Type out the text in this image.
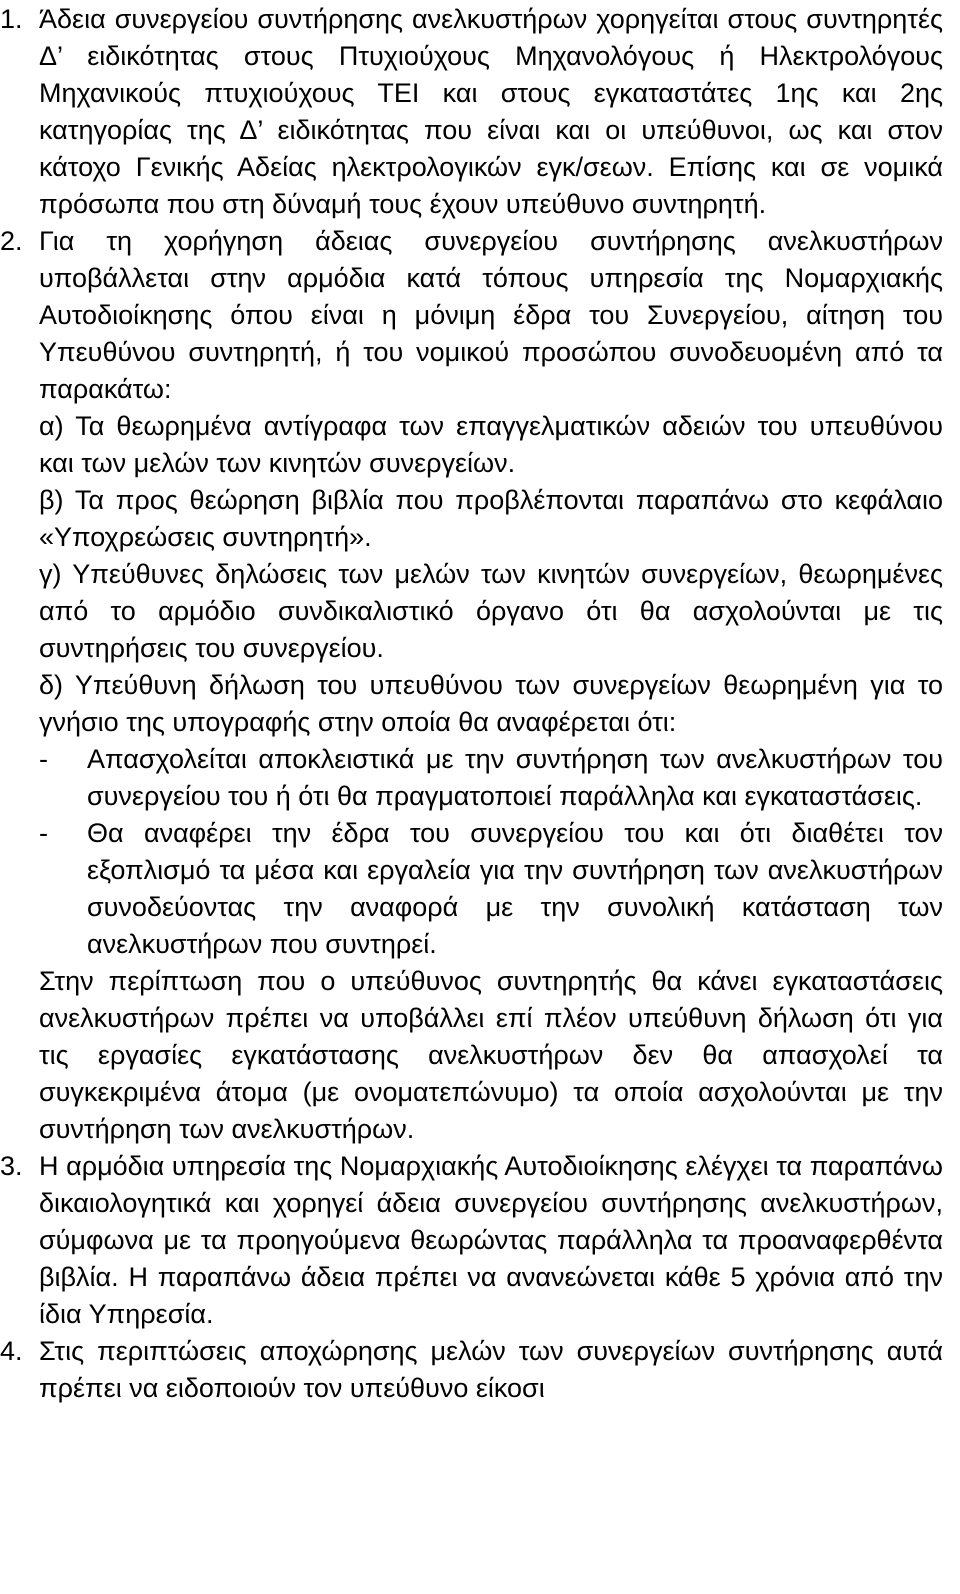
1. Άδεια συνεργείου συντήρησης ανελκυστήρων χορηγείται στους συντηρητές Δ’ ειδικότητας στους Πτυχιούχους Μηχανολόγους ή Ηλεκτρολόγους Μηχανικούς πτυχιούχους ΤΕΙ και στους εγκαταστάτες 1ης και 2ης κατηγορίας της Δ’ ειδικότητας που είναι και οι υπεύθυνοι, ως και στον κάτοχο Γενικής Αδείας ηλεκτρολογικών εγκ/σεων. Επίσης και σε νομικά πρόσωπα που στη δύναμή τους έχουν υπεύθυνο συντηρητή.

2. Για τη χορήγηση άδειας συνεργείου συντήρησης ανελκυστήρων υποβάλλεται στην αρμόδια κατά τόπους υπηρεσία της Νομαρχιακής Αυτοδιοίκησης όπου είναι η μόνιμη έδρα του Συνεργείου, αίτηση του Υπευθύνου συντηρητή, ή του νομικού προσώπου συνοδευομένη από τα παρακάτω:

α) Τα θεωρημένα αντίγραφα των επαγγελματικών αδειών του υπευθύνου και των μελών των κινητών συνεργείων.

β) Τα προς θεώρηση βιβλία που προβλέπονται παραπάνω στο κεφάλαιο «Υποχρεώσεις συντηρητή».

γ) Υπεύθυνες δηλώσεις των μελών των κινητών συνεργείων, θεωρημένες από το αρμόδιο συνδικαλιστικό όργανο ότι θα ασχολούνται με τις συντηρήσεις του συνεργείου.

δ) Υπεύθυνη δήλωση του υπευθύνου των συνεργείων θεωρημένη για το γνήσιο της υπογραφής στην οποία θα αναφέρεται ότι:

- Απασχολείται αποκλειστικά με την συντήρηση των ανελκυστήρων του συνεργείου του ή ότι θα πραγματοποιεί παράλληλα και εγκαταστάσεις.
- Θα αναφέρει την έδρα του συνεργείου του και ότι διαθέτει τον εξοπλισμό τα μέσα και εργαλεία για την συντήρηση των ανελκυστήρων συνοδεύοντας την αναφορά με την συνολική κατάσταση των ανελκυστήρων που συντηρεί.

Στην περίπτωση που ο υπεύθυνος συντηρητής θα κάνει εγκαταστάσεις ανελκυστήρων πρέπει να υποβάλλει επί πλέον υπεύθυνη δήλωση ότι για τις εργασίες εγκατάστασης ανελκυστήρων δεν θα απασχολεί τα συγκεκριμένα άτομα (με ονοματεπώνυμο) τα οποία ασχολούνται με την συντήρηση των ανελκυστήρων.

3. Η αρμόδια υπηρεσία της Νομαρχιακής Αυτοδιοίκησης ελέγχει τα παραπάνω δικαιολογητικά και χορηγεί άδεια συνεργείου συντήρησης ανελκυστήρων, σύμφωνα με τα προηγούμενα θεωρώντας παράλληλα τα προαναφερθέντα βιβλία. Η παραπάνω άδεια πρέπει να ανανεώνεται κάθε 5 χρόνια από την ίδια Υπηρεσία.

4. Στις περιπτώσεις αποχώρησης μελών των συνεργείων συντήρησης αυτά πρέπει να ειδοποιούν τον υπεύθυνο είκοσι
